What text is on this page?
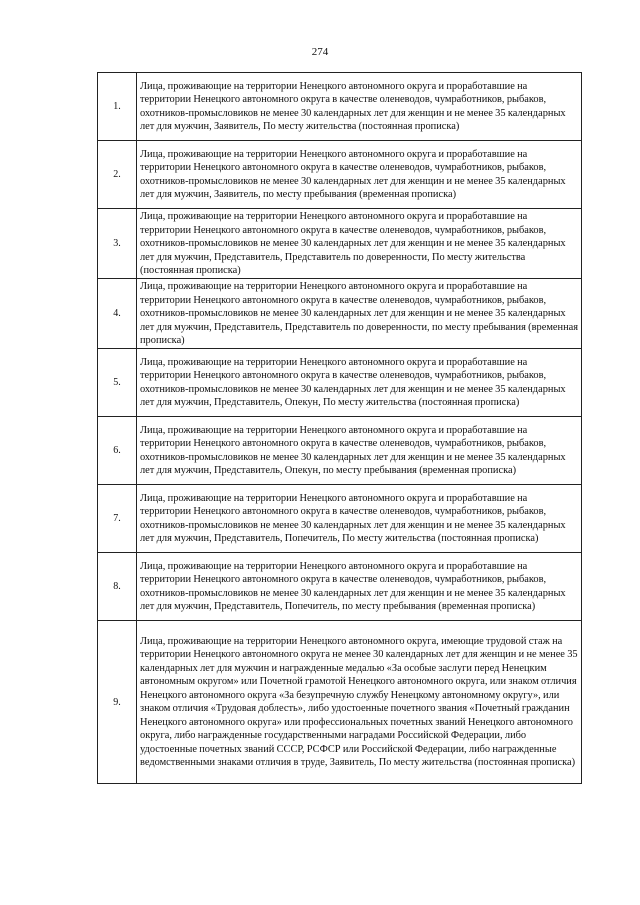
274
1.	Лица, проживающие на территории Ненецкого автономного округа и проработавшие на территории Ненецкого автономного округа в качестве оленеводов, чумработников, рыбаков, охотников-промысловиков не менее 30 календарных лет для женщин и не менее 35 календарных лет для мужчин, Заявитель, По месту жительства (постоянная прописка)

2.	Лица, проживающие на территории Ненецкого автономного округа и проработавшие на территории Ненецкого автономного округа в качестве оленеводов, чумработников, рыбаков, охотников-промысловиков не менее 30 календарных лет для женщин и не менее 35 календарных лет для мужчин, Заявитель, по месту пребывания (временная прописка)

3.	Лица, проживающие на территории Ненецкого автономного округа и проработавшие на территории Ненецкого автономного округа в качестве оленеводов, чумработников, рыбаков, охотников-промысловиков не менее 30 календарных лет для женщин и не менее 35 календарных лет для мужчин, Представитель, Представитель по доверенности, По месту жительства (постоянная прописка)

4.	Лица, проживающие на территории Ненецкого автономного округа и проработавшие на территории Ненецкого автономного округа в качестве оленеводов, чумработников, рыбаков, охотников-промысловиков не менее 30 календарных лет для женщин и не менее 35 календарных лет для мужчин, Представитель, Представитель по доверенности, по месту пребывания (временная прописка)

5.	Лица, проживающие на территории Ненецкого автономного округа и проработавшие на территории Ненецкого автономного округа в качестве оленеводов, чумработников, рыбаков, охотников-промысловиков не менее 30 календарных лет для женщин и не менее 35 календарных лет для мужчин, Представитель, Опекун, По месту жительства (постоянная прописка)

6.	Лица, проживающие на территории Ненецкого автономного округа и проработавшие на территории Ненецкого автономного округа в качестве оленеводов, чумработников, рыбаков, охотников-промысловиков не менее 30 календарных лет для женщин и не менее 35 календарных лет для мужчин, Представитель, Опекун, по месту пребывания (временная прописка)

7.	Лица, проживающие на территории Ненецкого автономного округа и проработавшие на территории Ненецкого автономного округа в качестве оленеводов, чумработников, рыбаков, охотников-промысловиков не менее 30 календарных лет для женщин и не менее 35 календарных лет для мужчин, Представитель, Попечитель, По месту жительства (постоянная прописка)

8.	Лица, проживающие на территории Ненецкого автономного округа и проработавшие на территории Ненецкого автономного округа в качестве оленеводов, чумработников, рыбаков, охотников-промысловиков не менее 30 календарных лет для женщин и не менее 35 календарных лет для мужчин, Представитель, Попечитель, по месту пребывания (временная прописка)

9.	Лица, проживающие на территории Ненецкого автономного округа, имеющие трудовой стаж на территории Ненецкого автономного округа не менее 30 календарных лет для женщин и не менее 35 календарных лет для мужчин и награжденные медалью «За особые заслуги перед Ненецким автономным округом» или Почетной грамотой Ненецкого автономного округа, или знаком отличия Ненецкого автономного округа «За безупречную службу Ненецкому автономному округу», или знаком отличия «Трудовая доблесть», либо удостоенные почетного звания «Почетный гражданин Ненецкого автономного округа» или профессиональных почетных званий Ненецкого автономного округа, либо награжденные государственными наградами Российской Федерации, либо удостоенные почетных званий СССР, РСФСР или Российской Федерации, либо награжденные ведомственными знаками отличия в труде, Заявитель, По месту жительства (постоянная прописка)
